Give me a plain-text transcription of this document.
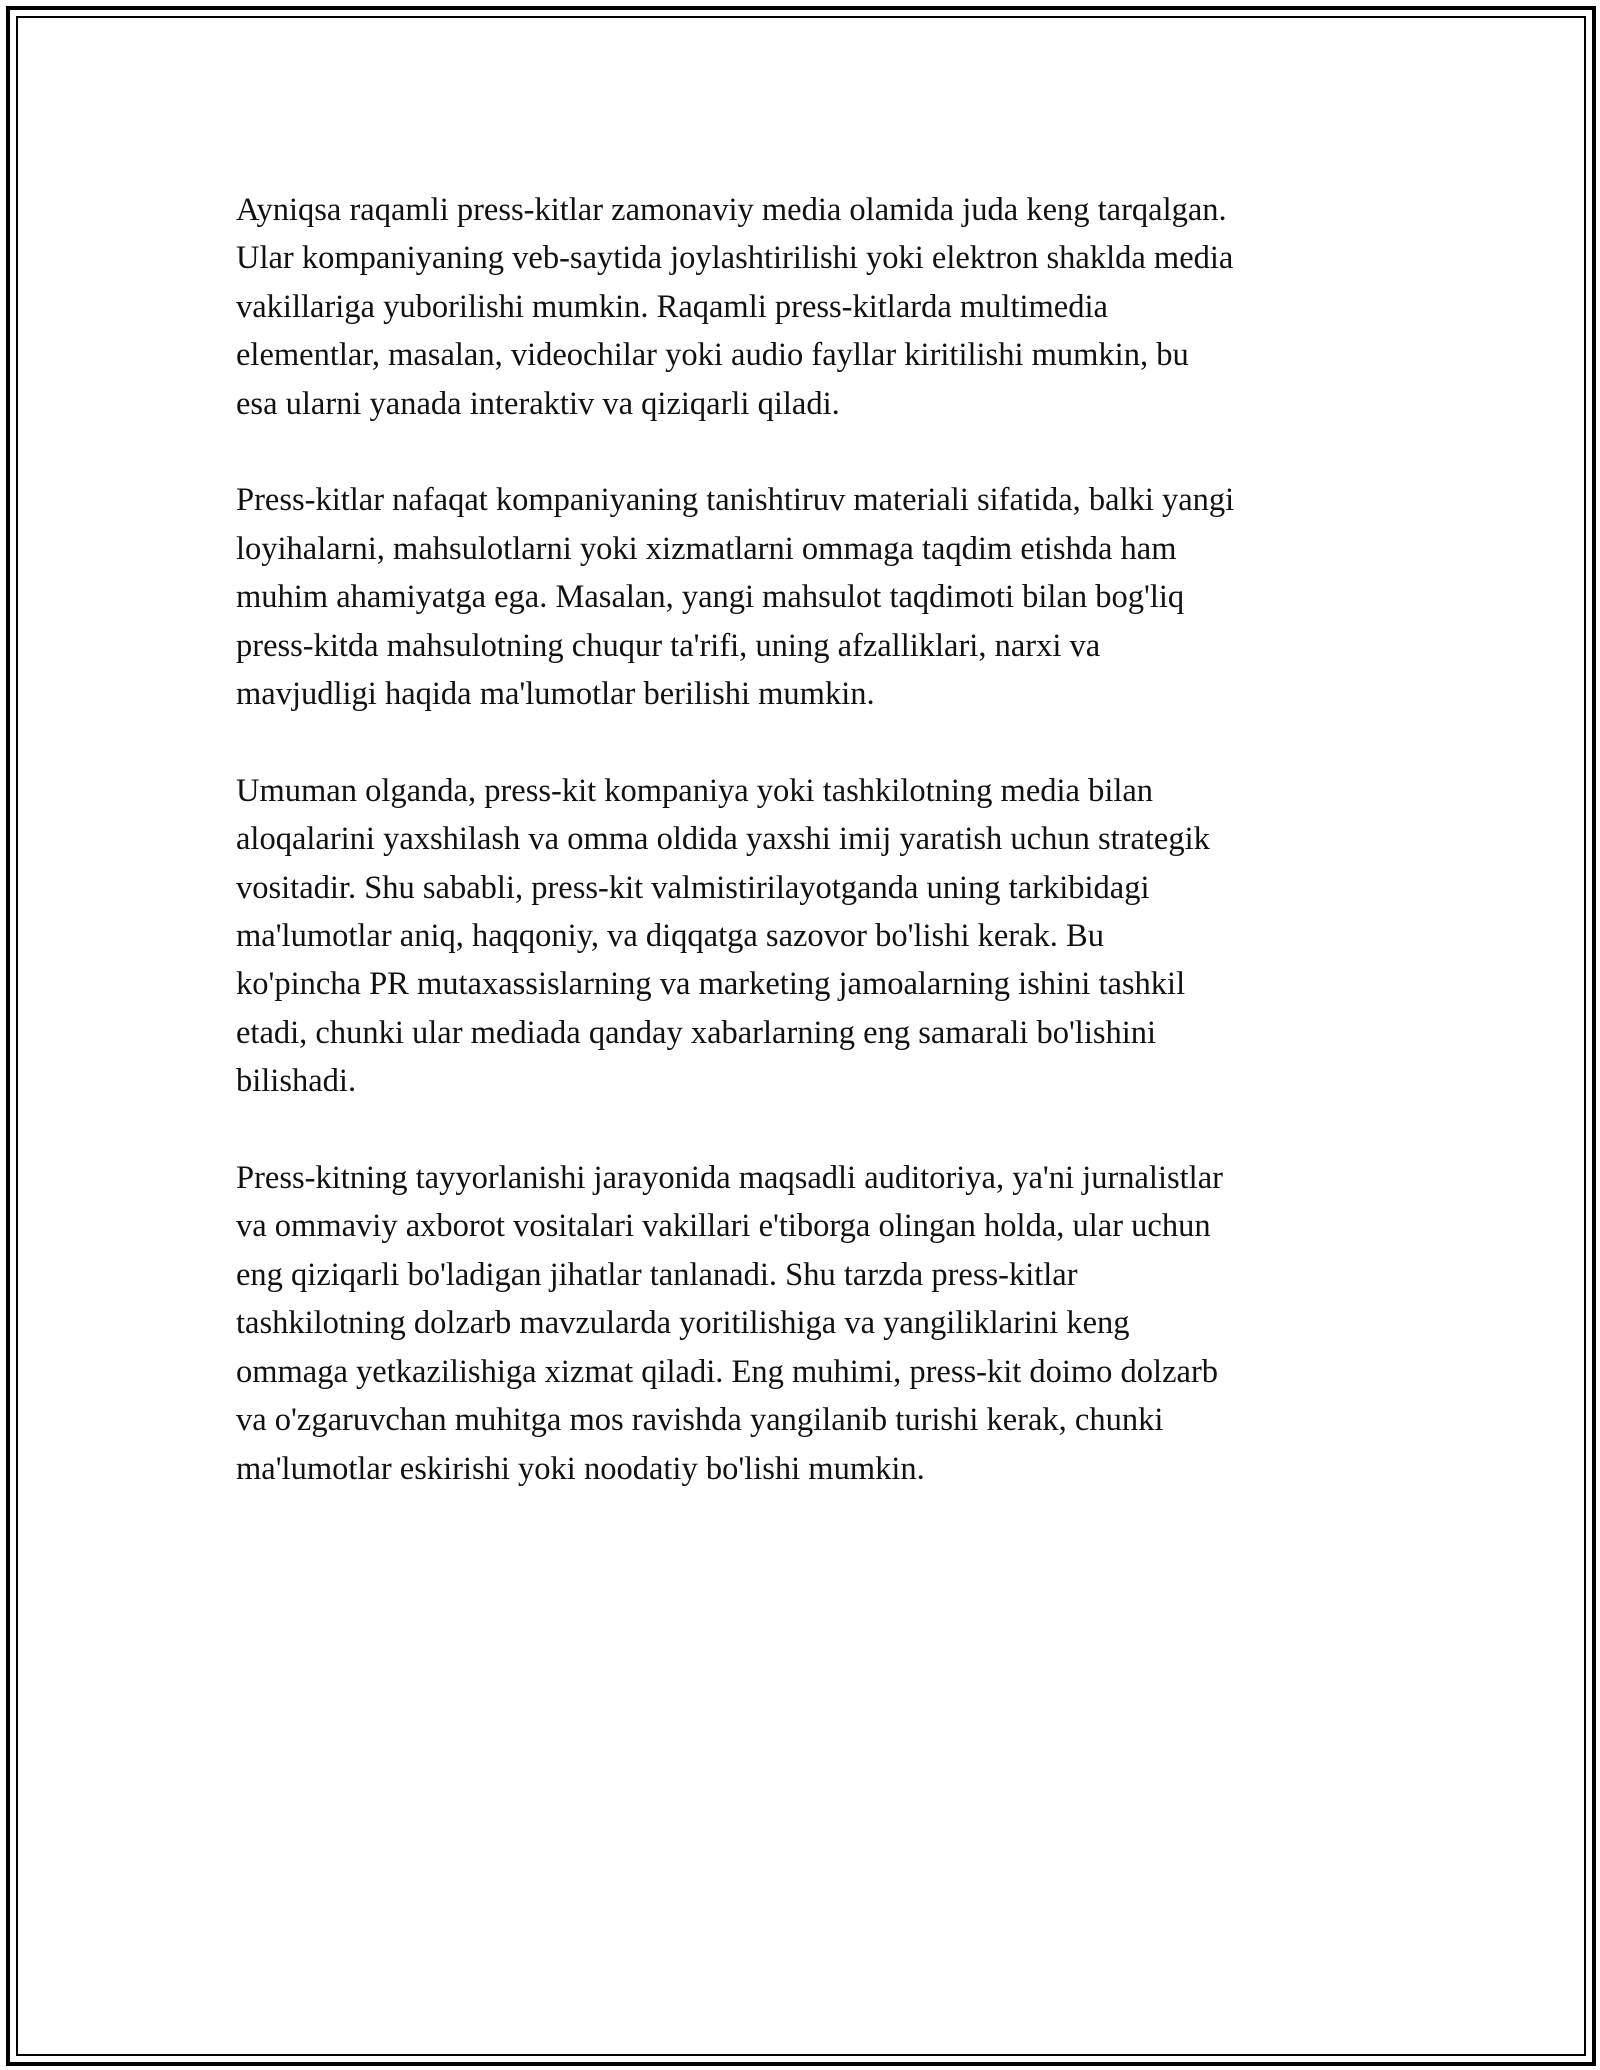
Ayniqsa raqamli press-kitlar zamonaviy media olamida juda keng tarqalgan.
Ular kompaniyaning veb-saytida joylashtirilishi yoki elektron shaklda media
vakillariga yuborilishi mumkin. Raqamli press-kitlarda multimedia
elementlar, masalan, videochilar yoki audio fayllar kiritilishi mumkin, bu
esa ularni yanada interaktiv va qiziqarli qiladi.

Press-kitlar nafaqat kompaniyaning tanishtiruv materiali sifatida, balki yangi
loyihalarni, mahsulotlarni yoki xizmatlarni ommaga taqdim etishda ham
muhim ahamiyatga ega. Masalan, yangi mahsulot taqdimoti bilan bog'liq
press-kitda mahsulotning chuqur ta'rifi, uning afzalliklari, narxi va
mavjudligi haqida ma'lumotlar berilishi mumkin.

Umuman olganda, press-kit kompaniya yoki tashkilotning media bilan
aloqalarini yaxshilash va omma oldida yaxshi imij yaratish uchun strategik
vositadir. Shu sababli, press-kit valmistirilayotganda uning tarkibidagi
ma'lumotlar aniq, haqqoniy, va diqqatga sazovor bo'lishi kerak. Bu
ko'pincha PR mutaxassislarning va marketing jamoalarning ishini tashkil
etadi, chunki ular mediada qanday xabarlarning eng samarali bo'lishini
bilishadi.

Press-kitning tayyorlanishi jarayonida maqsadli auditoriya, ya'ni jurnalistlar
va ommaviy axborot vositalari vakillari e'tiborga olingan holda, ular uchun
eng qiziqarli bo'ladigan jihatlar tanlanadi. Shu tarzda press-kitlar
tashkilotning dolzarb mavzularda yoritilishiga va yangiliklarini keng
ommaga yetkazilishiga xizmat qiladi. Eng muhimi, press-kit doimo dolzarb
va o'zgaruvchan muhitga mos ravishda yangilanib turishi kerak, chunki
ma'lumotlar eskirishi yoki noodatiy bo'lishi mumkin.
